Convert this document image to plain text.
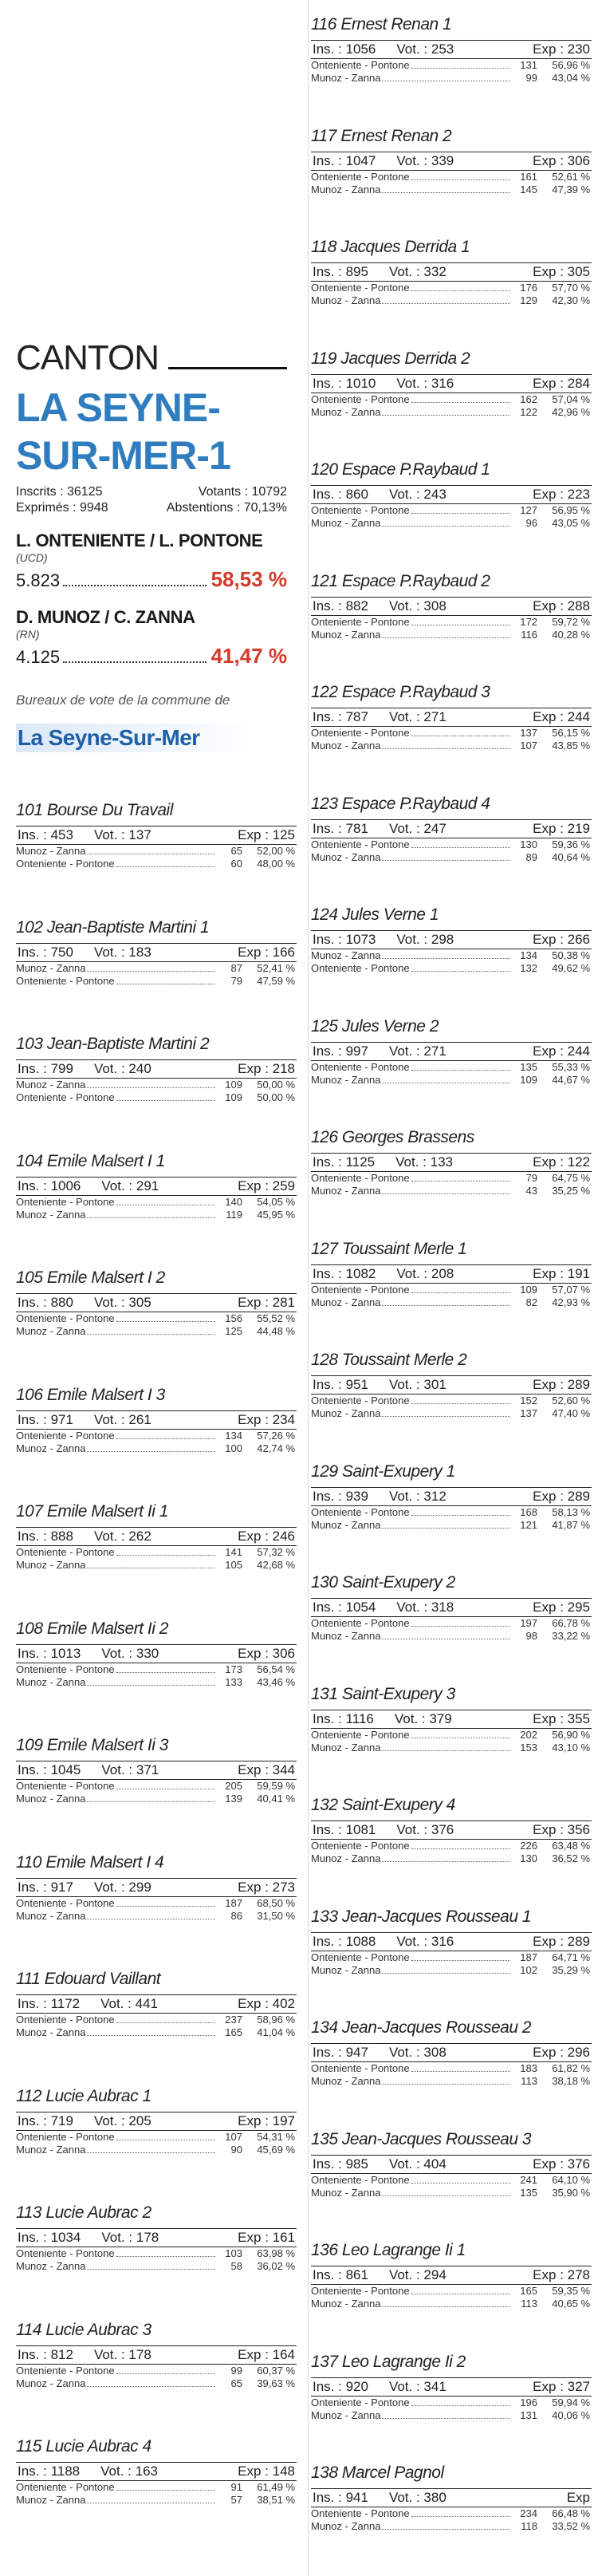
CANTON
LA SEYNE-
SUR-MER-1
Inscrits : 36125	Votants : 10792
Exprimés : 9948	Abstentions : 70,13%
L. ONTENIENTE / L. PONTONE
(UCD)
5.823	58,53 %
D. MUNOZ / C. ZANNA
(RN)
4.125	41,47 %
Bureaux de vote de la commune de
La Seyne-Sur-Mer
101 Bourse Du Travail
Ins. : 453	Vot. : 137	Exp : 125
Munoz - Zanna	65	52,00 %
Onteniente - Pontone	60	48,00 %
102 Jean-Baptiste Martini 1
Ins. : 750	Vot. : 183	Exp : 166
Munoz - Zanna	87	52,41 %
Onteniente - Pontone	79	47,59 %
103 Jean-Baptiste Martini 2
Ins. : 799	Vot. : 240	Exp : 218
Munoz - Zanna	109	50,00 %
Onteniente - Pontone	109	50,00 %
104 Emile Malsert I 1
Ins. : 1006	Vot. : 291	Exp : 259
Onteniente - Pontone	140	54,05 %
Munoz - Zanna	119	45,95 %
105 Emile Malsert I 2
Ins. : 880	Vot. : 305	Exp : 281
Onteniente - Pontone	156	55,52 %
Munoz - Zanna	125	44,48 %
106 Emile Malsert I 3
Ins. : 971	Vot. : 261	Exp : 234
Onteniente - Pontone	134	57,26 %
Munoz - Zanna	100	42,74 %
107 Emile Malsert Ii 1
Ins. : 888	Vot. : 262	Exp : 246
Onteniente - Pontone	141	57,32 %
Munoz - Zanna	105	42,68 %
108 Emile Malsert Ii 2
Ins. : 1013	Vot. : 330	Exp : 306
Onteniente - Pontone	173	56,54 %
Munoz - Zanna	133	43,46 %
109 Emile Malsert Ii 3
Ins. : 1045	Vot. : 371	Exp : 344
Onteniente - Pontone	205	59,59 %
Munoz - Zanna	139	40,41 %
110 Emile Malsert I 4
Ins. : 917	Vot. : 299	Exp : 273
Onteniente - Pontone	187	68,50 %
Munoz - Zanna	86	31,50 %
111 Edouard Vaillant
Ins. : 1172	Vot. : 441	Exp : 402
Onteniente - Pontone	237	58,96 %
Munoz - Zanna	165	41,04 %
112 Lucie Aubrac 1
Ins. : 719	Vot. : 205	Exp : 197
Onteniente - Pontone	107	54,31 %
Munoz - Zanna	90	45,69 %
113 Lucie Aubrac 2
Ins. : 1034	Vot. : 178	Exp : 161
Onteniente - Pontone	103	63,98 %
Munoz - Zanna	58	36,02 %
114 Lucie Aubrac 3
Ins. : 812	Vot. : 178	Exp : 164
Onteniente - Pontone	99	60,37 %
Munoz - Zanna	65	39,63 %
115 Lucie Aubrac 4
Ins. : 1188	Vot. : 163	Exp : 148
Onteniente - Pontone	91	61,49 %
Munoz - Zanna	57	38,51 %
116 Ernest Renan 1
Ins. : 1056	Vot. : 253	Exp : 230
Onteniente - Pontone	131	56,96 %
Munoz - Zanna	99	43,04 %
117 Ernest Renan 2
Ins. : 1047	Vot. : 339	Exp : 306
Onteniente - Pontone	161	52,61 %
Munoz - Zanna	145	47,39 %
118 Jacques Derrida 1
Ins. : 895	Vot. : 332	Exp : 305
Onteniente - Pontone	176	57,70 %
Munoz - Zanna	129	42,30 %
119 Jacques Derrida 2
Ins. : 1010	Vot. : 316	Exp : 284
Onteniente - Pontone	162	57,04 %
Munoz - Zanna	122	42,96 %
120 Espace P.Raybaud 1
Ins. : 860	Vot. : 243	Exp : 223
Onteniente - Pontone	127	56,95 %
Munoz - Zanna	96	43,05 %
121 Espace P.Raybaud 2
Ins. : 882	Vot. : 308	Exp : 288
Onteniente - Pontone	172	59,72 %
Munoz - Zanna	116	40,28 %
122 Espace P.Raybaud 3
Ins. : 787	Vot. : 271	Exp : 244
Onteniente - Pontone	137	56,15 %
Munoz - Zanna	107	43,85 %
123 Espace P.Raybaud 4
Ins. : 781	Vot. : 247	Exp : 219
Onteniente - Pontone	130	59,36 %
Munoz - Zanna	89	40,64 %
124 Jules Verne 1
Ins. : 1073	Vot. : 298	Exp : 266
Munoz - Zanna	134	50,38 %
Onteniente - Pontone	132	49,62 %
125 Jules Verne 2
Ins. : 997	Vot. : 271	Exp : 244
Onteniente - Pontone	135	55,33 %
Munoz - Zanna	109	44,67 %
126 Georges Brassens
Ins. : 1125	Vot. : 133	Exp : 122
Onteniente - Pontone	79	64,75 %
Munoz - Zanna	43	35,25 %
127 Toussaint Merle 1
Ins. : 1082	Vot. : 208	Exp : 191
Onteniente - Pontone	109	57,07 %
Munoz - Zanna	82	42,93 %
128 Toussaint Merle 2
Ins. : 951	Vot. : 301	Exp : 289
Onteniente - Pontone	152	52,60 %
Munoz - Zanna	137	47,40 %
129 Saint-Exupery 1
Ins. : 939	Vot. : 312	Exp : 289
Onteniente - Pontone	168	58,13 %
Munoz - Zanna	121	41,87 %
130 Saint-Exupery 2
Ins. : 1054	Vot. : 318	Exp : 295
Onteniente - Pontone	197	66,78 %
Munoz - Zanna	98	33,22 %
131 Saint-Exupery 3
Ins. : 1116	Vot. : 379	Exp : 355
Onteniente - Pontone	202	56,90 %
Munoz - Zanna	153	43,10 %
132 Saint-Exupery 4
Ins. : 1081	Vot. : 376	Exp : 356
Onteniente - Pontone	226	63,48 %
Munoz - Zanna	130	36,52 %
133 Jean-Jacques Rousseau 1
Ins. : 1088	Vot. : 316	Exp : 289
Onteniente - Pontone	187	64,71 %
Munoz - Zanna	102	35,29 %
134 Jean-Jacques Rousseau 2
Ins. : 947	Vot. : 308	Exp : 296
Onteniente - Pontone	183	61,82 %
Munoz - Zanna	113	38,18 %
135 Jean-Jacques Rousseau 3
Ins. : 985	Vot. : 404	Exp : 376
Onteniente - Pontone	241	64,10 %
Munoz - Zanna	135	35,90 %
136 Leo Lagrange Ii 1
Ins. : 861	Vot. : 294	Exp : 278
Onteniente - Pontone	165	59,35 %
Munoz - Zanna	113	40,65 %
137 Leo Lagrange Ii 2
Ins. : 920	Vot. : 341	Exp : 327
Onteniente - Pontone	196	59,94 %
Munoz - Zanna	131	40,06 %
138 Marcel Pagnol
Ins. : 941	Vot. : 380	Exp
Onteniente - Pontone	234	66,48 %
Munoz - Zanna	118	33,52 %
